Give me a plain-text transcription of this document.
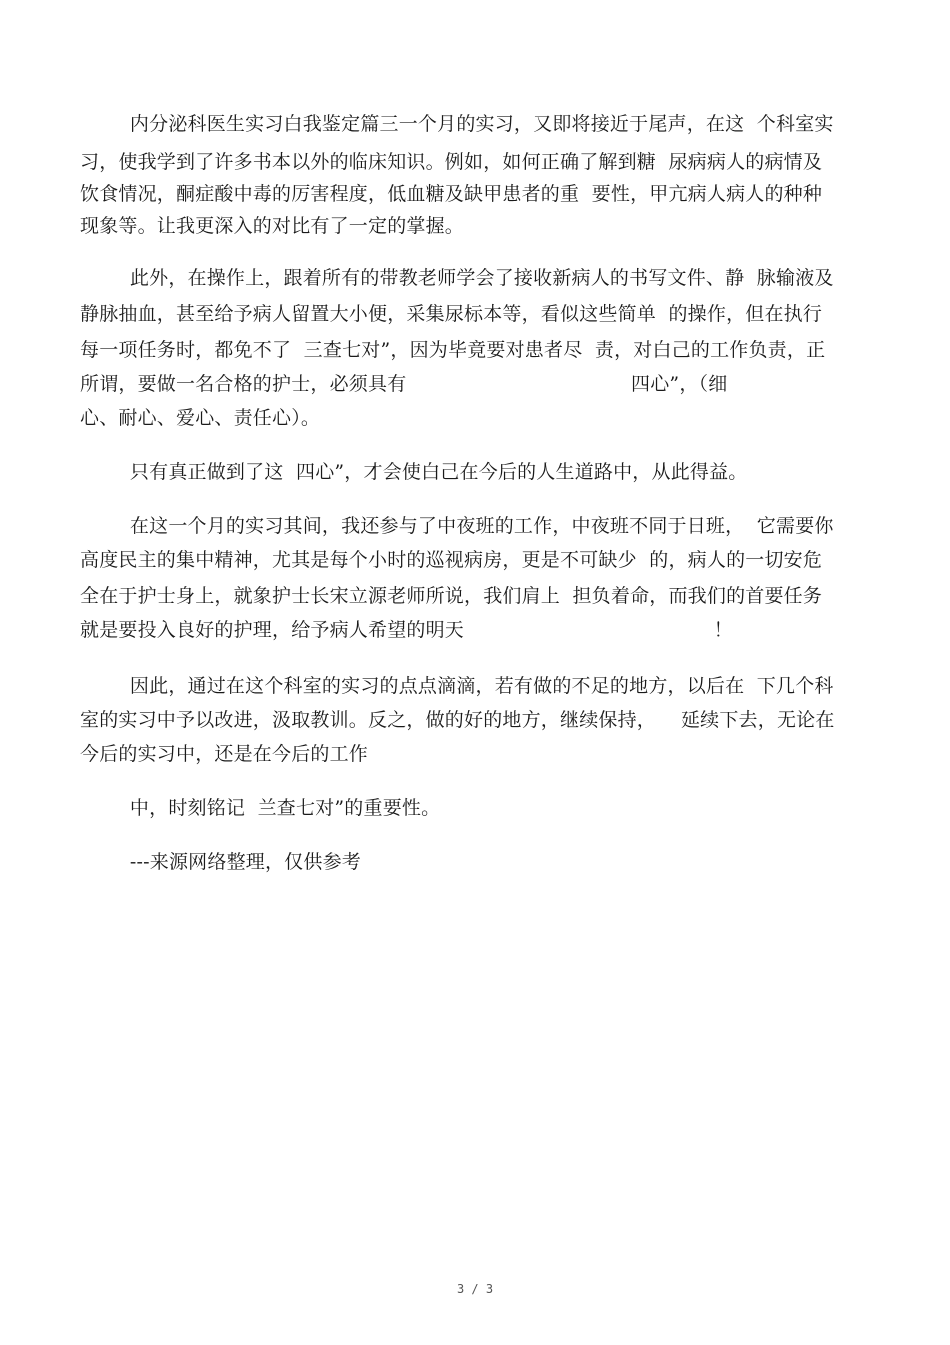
内分泌科医生实习白我鉴定篇三一个月的实习，又即将接近于尾声，在这  个科室实
习，使我学到了许多书本以外的临床知识。例如，如何正确了解到糖  尿病病人的病情及
饮食情况，酮症酸中毒的厉害程度，低血糖及缺甲患者的重  要性，甲亢病人病人的种种
现象等。让我更深入的对比有了一定的掌握。
此外，在操作上，跟着所有的带教老师学会了接收新病人的书写文件、静  脉输液及
静脉抽血，甚至给予病人留置大小便，采集尿标本等，看似这些简单  的操作，但在执行
每一项任务时，都免不了  三查七对”，因为毕竟要对患者尽  责，对白己的工作负责，正
所谓，要做一名合格的护士，必须具有                                    四心”，（细
心、耐心、爱心、责任心）。
只有真正做到了这  四心”，才会使白己在今后的人生道路中，从此得益。
在这一个月的实习其间，我还参与了中夜班的工作，中夜班不同于日班，  它需要你
高度民主的集中精神，尤其是每个小时的巡视病房，更是不可缺少  的，病人的一切安危
全在于护士身上，就象护士长宋立源老师所说，我们肩上  担负着命，而我们的首要任务
就是要投入良好的护理，给予病人希望的明天                                        ！
因此，通过在这个科室的实习的点点滴滴，若有做的不足的地方，以后在  下几个科
室的实习中予以改进，汲取教训。反之，做的好的地方，继续保持，    延续下去，无论在
今后的实习中，还是在今后的工作
中，时刻铭记  兰查七对”的重要性。
---来源网络整理，仅供参考
3 / 3
